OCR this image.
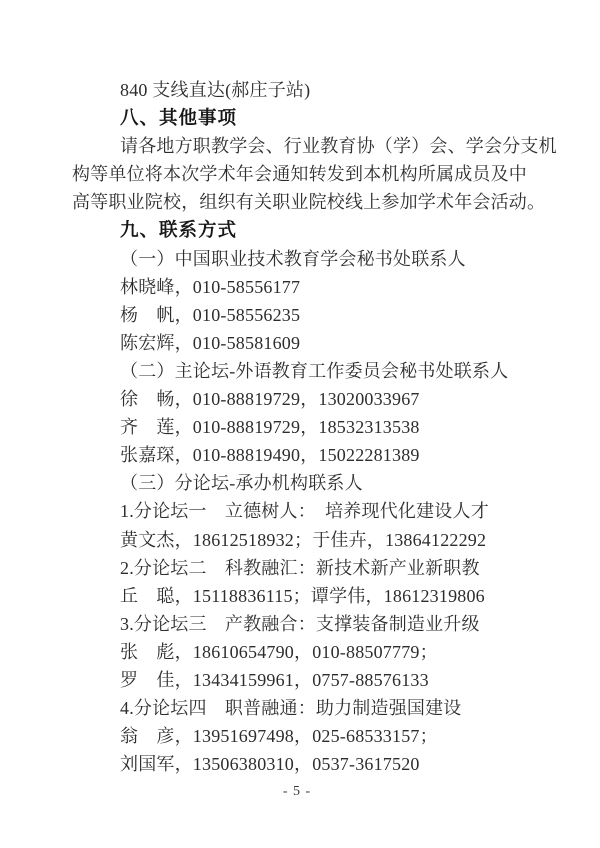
840 支线直达(郝庄子站)
八、其他事项
请各地方职教学会、行业教育协（学）会、学会分支机
构等单位将本次学术年会通知转发到本机构所属成员及中
高等职业院校，组织有关职业院校线上参加学术年会活动。
九、联系方式
（一）中国职业技术教育学会秘书处联系人
林晓峰，010-58556177
杨　帆，010-58556235
陈宏辉，010-58581609
（二）主论坛-外语教育工作委员会秘书处联系人
徐　畅，010-88819729，13020033967
齐　莲，010-88819729，18532313538
张嘉琛，010-88819490，15022281389
（三）分论坛-承办机构联系人
1.分论坛一　立德树人：　培养现代化建设人才
黄文杰，18612518932；于佳卉，13864122292
2.分论坛二　科教融汇：新技术新产业新职教
丘　聪，15118836115；谭学伟，18612319806
3.分论坛三　产教融合：支撑装备制造业升级
张　彪，18610654790，010-88507779；
罗　佳，13434159961，0757-88576133
4.分论坛四　职普融通：助力制造强国建设
翁　彦，13951697498，025-68533157；
刘国军，13506380310，0537-3617520
- 5 -
